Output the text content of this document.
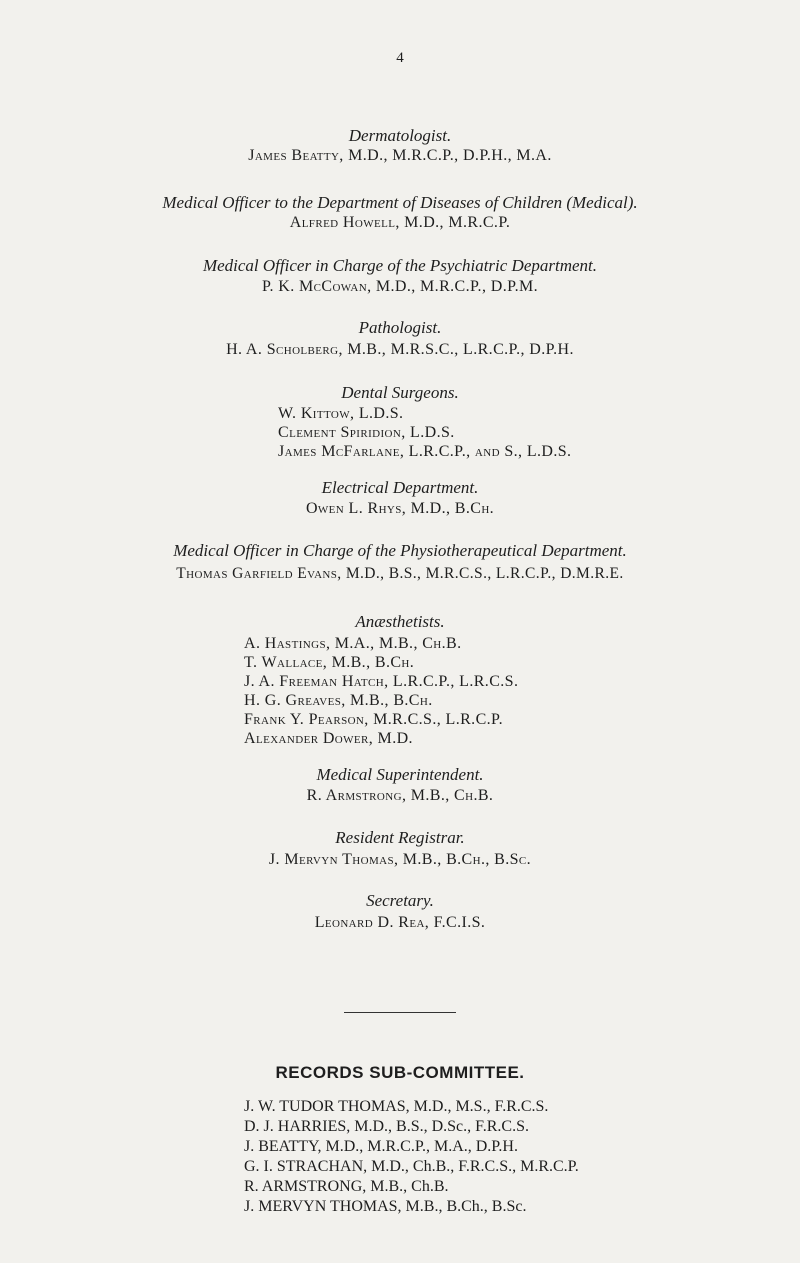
4
Dermatologist.
James Beatty, M.D., M.R.C.P., D.P.H., M.A.
Medical Officer to the Department of Diseases of Children (Medical).
Alfred Howell, M.D., M.R.C.P.
Medical Officer in Charge of the Psychiatric Department.
P. K. McCowan, M.D., M.R.C.P., D.P.M.
Pathologist.
H. A. Scholberg, M.B., M.R.S.C., L.R.C.P., D.P.H.
Dental Surgeons.
W. Kittow, L.D.S.
Clement Spiridion, L.D.S.
James McFarlane, L.R.C.P., and S., L.D.S.
Electrical Department.
Owen L. Rhys, M.D., B.Ch.
Medical Officer in Charge of the Physiotherapeutical Department.
Thomas Garfield Evans, M.D., B.S., M.R.C.S., L.R.C.P., D.M.R.E.
Anæsthetists.
A. Hastings, M.A., M.B., Ch.B.
T. Wallace, M.B., B.Ch.
J. A. Freeman Hatch, L.R.C.P., L.R.C.S.
H. G. Greaves, M.B., B.Ch.
Frank Y. Pearson, M.R.C.S., L.R.C.P.
Alexander Dower, M.D.
Medical Superintendent.
R. Armstrong, M.B., Ch.B.
Resident Registrar.
J. Mervyn Thomas, M.B., B.Ch., B.Sc.
Secretary.
Leonard D. Rea, F.C.I.S.
RECORDS SUB-COMMITTEE.
J. W. TUDOR THOMAS, M.D., M.S., F.R.C.S.
D. J. HARRIES, M.D., B.S., D.Sc., F.R.C.S.
J. BEATTY, M.D., M.R.C.P., M.A., D.P.H.
G. I. STRACHAN, M.D., Ch.B., F.R.C.S., M.R.C.P.
R. ARMSTRONG, M.B., Ch.B.
J. MERVYN THOMAS, M.B., B.Ch., B.Sc.
